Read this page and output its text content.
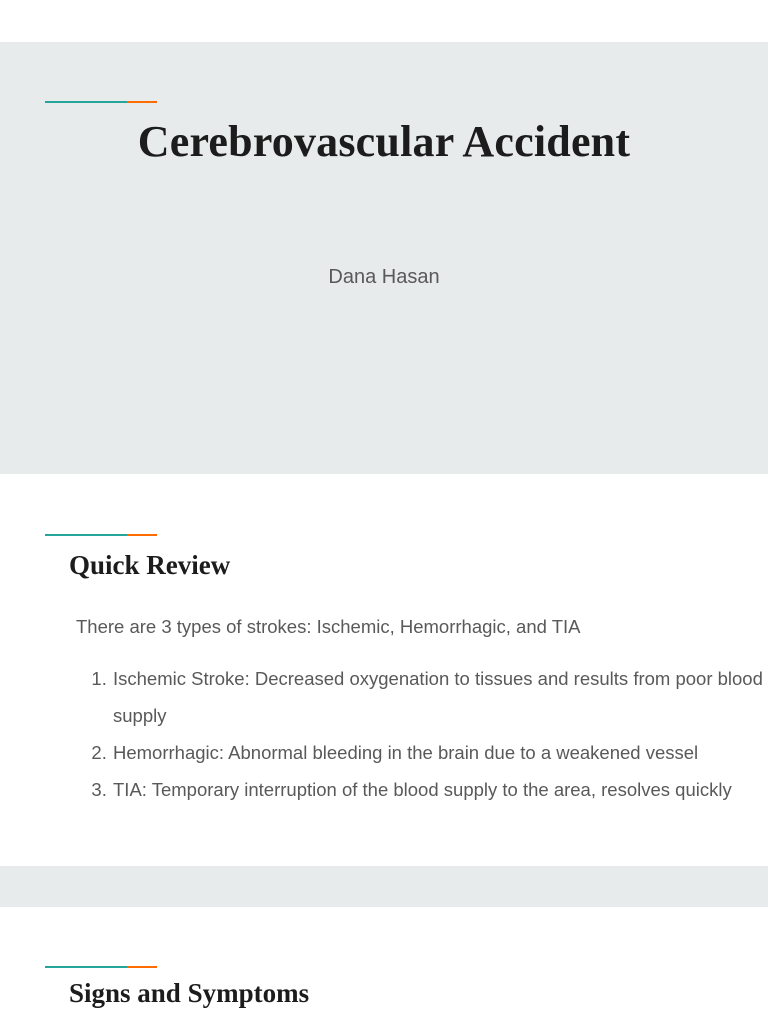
Cerebrovascular Accident
Dana Hasan
Quick Review

There are 3 types of strokes: Ischemic, Hemorrhagic, and TIA

1. Ischemic Stroke: Decreased oxygenation to tissues and results from poor blood supply
2. Hemorrhagic: Abnormal bleeding in the brain due to a weakened vessel
3. TIA: Temporary interruption of the blood supply to the area, resolves quickly
Signs and Symptoms
